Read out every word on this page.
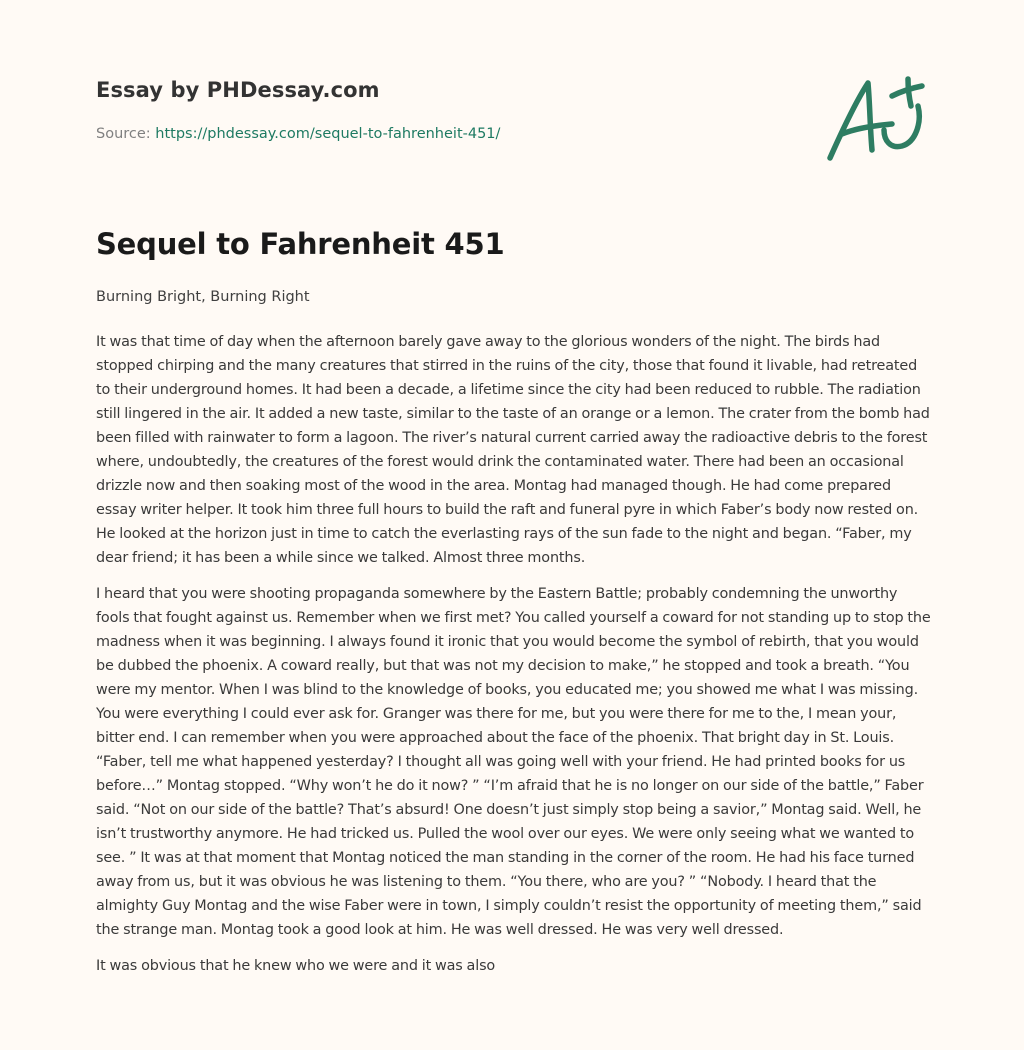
Essay by PHDessay.com
Source: https://phdessay.com/sequel-to-fahrenheit-451/
Sequel to Fahrenheit 451
Burning Bright, Burning Right

It was that time of day when the afternoon barely gave away to the glorious wonders of the night. The birds had stopped chirping and the many creatures that stirred in the ruins of the city, those that found it livable, had retreated to their underground homes. It had been a decade, a lifetime since the city had been reduced to rubble. The radiation still lingered in the air. It added a new taste, similar to the taste of an orange or a lemon. The crater from the bomb had been filled with rainwater to form a lagoon. The river’s natural current carried away the radioactive debris to the forest where, undoubtedly, the creatures of the forest would drink the contaminated water. There had been an occasional drizzle now and then soaking most of the wood in the area. Montag had managed though. He had come prepared essay writer helper. It took him three full hours to build the raft and funeral pyre in which Faber’s body now rested on. He looked at the horizon just in time to catch the everlasting rays of the sun fade to the night and began. “Faber, my dear friend; it has been a while since we talked. Almost three months.

I heard that you were shooting propaganda somewhere by the Eastern Battle; probably condemning the unworthy fools that fought against us. Remember when we first met? You called yourself a coward for not standing up to stop the madness when it was beginning. I always found it ironic that you would become the symbol of rebirth, that you would be dubbed the phoenix. A coward really, but that was not my decision to make,” he stopped and took a breath. “You were my mentor. When I was blind to the knowledge of books, you educated me; you showed me what I was missing. You were everything I could ever ask for. Granger was there for me, but you were there for me to the, I mean your, bitter end. I can remember when you were approached about the face of the phoenix. That bright day in St. Louis. “Faber, tell me what happened yesterday? I thought all was going well with your friend. He had printed books for us before…” Montag stopped. “Why won’t he do it now? ” “I’m afraid that he is no longer on our side of the battle,” Faber said. “Not on our side of the battle? That’s absurd! One doesn’t just simply stop being a savior,” Montag said. Well, he isn’t trustworthy anymore. He had tricked us. Pulled the wool over our eyes. We were only seeing what we wanted to see. ” It was at that moment that Montag noticed the man standing in the corner of the room. He had his face turned away from us, but it was obvious he was listening to them. “You there, who are you? ” “Nobody. I heard that the almighty Guy Montag and the wise Faber were in town, I simply couldn’t resist the opportunity of meeting them,” said the strange man. Montag took a good look at him. He was well dressed. He was very well dressed.

It was obvious that he knew who we were and it was also
